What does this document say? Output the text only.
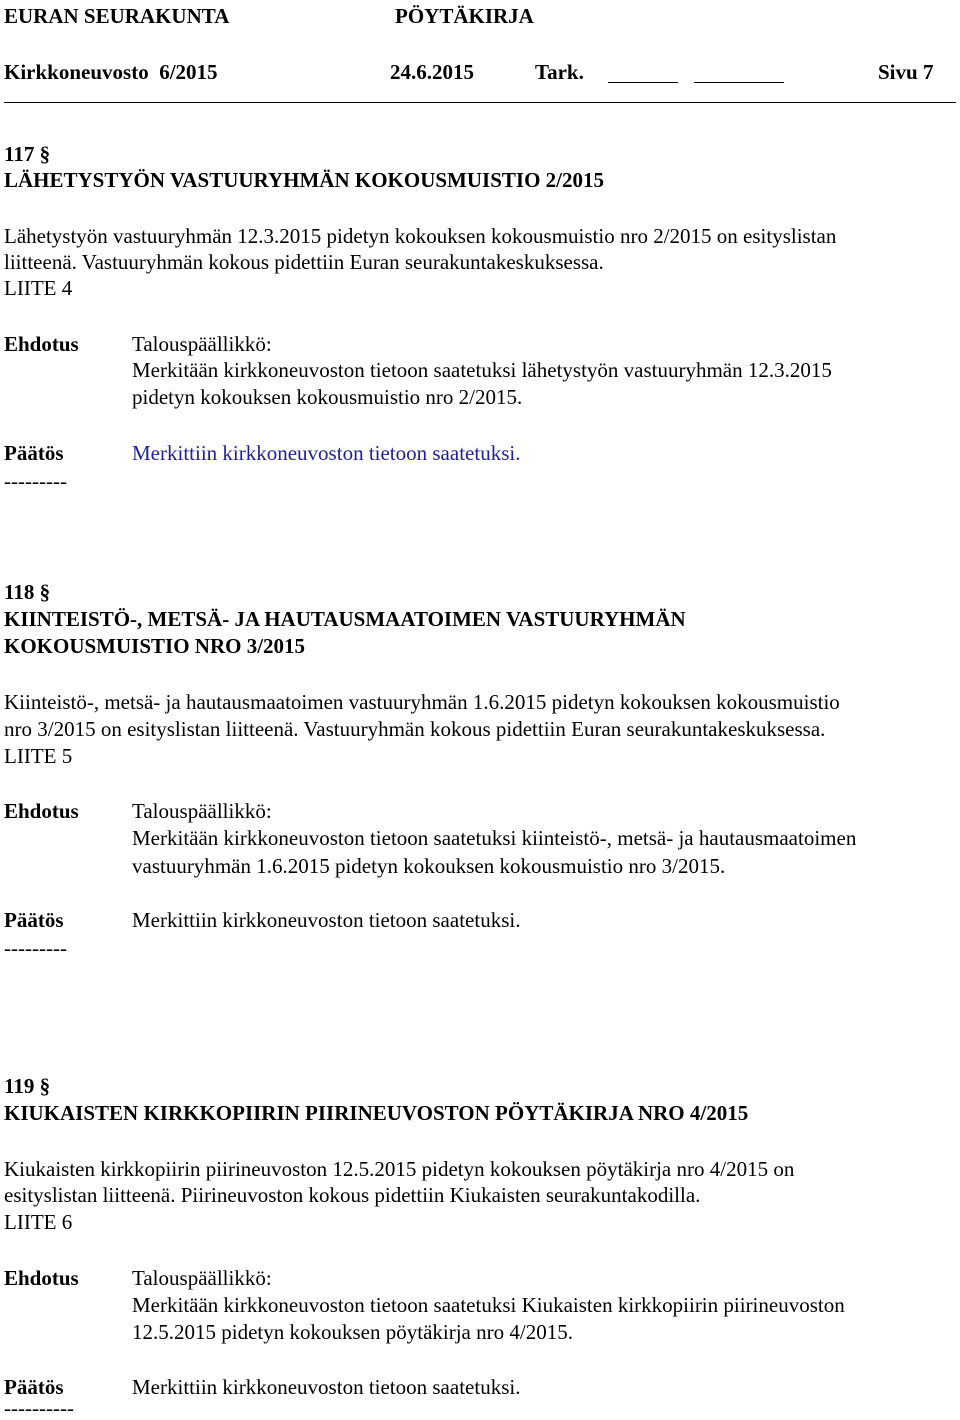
EURAN SEURAKUNTA	PÖYTÄKIRJA
Kirkkoneuvosto  6/2015	24.6.2015	Tark.	Sivu 7
117 §
LÄHETYSTYÖN VASTUURYHMÄN KOKOUSMUISTIO 2/2015
Lähetystyön vastuuryhmän 12.3.2015 pidetyn kokouksen kokousmuistio nro 2/2015 on esityslistan
liitteenä. Vastuuryhmän kokous pidettiin Euran seurakuntakeskuksessa.
LIITE 4
Ehdotus	Talouspäällikkö:
Merkitään kirkkoneuvoston tietoon saatetuksi lähetystyön vastuuryhmän 12.3.2015
pidetyn kokouksen kokousmuistio nro 2/2015.
Päätös	Merkittiin kirkkoneuvoston tietoon saatetuksi.
---------
118 §
KIINTEISTÖ-, METSÄ- JA HAUTAUSMAATOIMEN VASTUURYHMÄN
KOKOUSMUISTIO NRO 3/2015
Kiinteistö-, metsä- ja hautausmaatoimen vastuuryhmän 1.6.2015 pidetyn kokouksen kokousmuistio
nro 3/2015 on esityslistan liitteenä. Vastuuryhmän kokous pidettiin Euran seurakuntakeskuksessa.
LIITE 5
Ehdotus	Talouspäällikkö:
Merkitään kirkkoneuvoston tietoon saatetuksi kiinteistö-, metsä- ja hautausmaatoimen
vastuuryhmän 1.6.2015 pidetyn kokouksen kokousmuistio nro 3/2015.
Päätös	Merkittiin kirkkoneuvoston tietoon saatetuksi.
---------
119 §
KIUKAISTEN KIRKKOPIIRIN PIIRINEUVOSTON PÖYTÄKIRJA NRO 4/2015
Kiukaisten kirkkopiirin piirineuvoston 12.5.2015 pidetyn kokouksen pöytäkirja nro 4/2015 on
esityslistan liitteenä. Piirineuvoston kokous pidettiin Kiukaisten seurakuntakodilla.
LIITE 6
Ehdotus	Talouspäällikkö:
Merkitään kirkkoneuvoston tietoon saatetuksi Kiukaisten kirkkopiirin piirineuvoston
12.5.2015 pidetyn kokouksen pöytäkirja nro 4/2015.
Päätös	Merkittiin kirkkoneuvoston tietoon saatetuksi.
----------
